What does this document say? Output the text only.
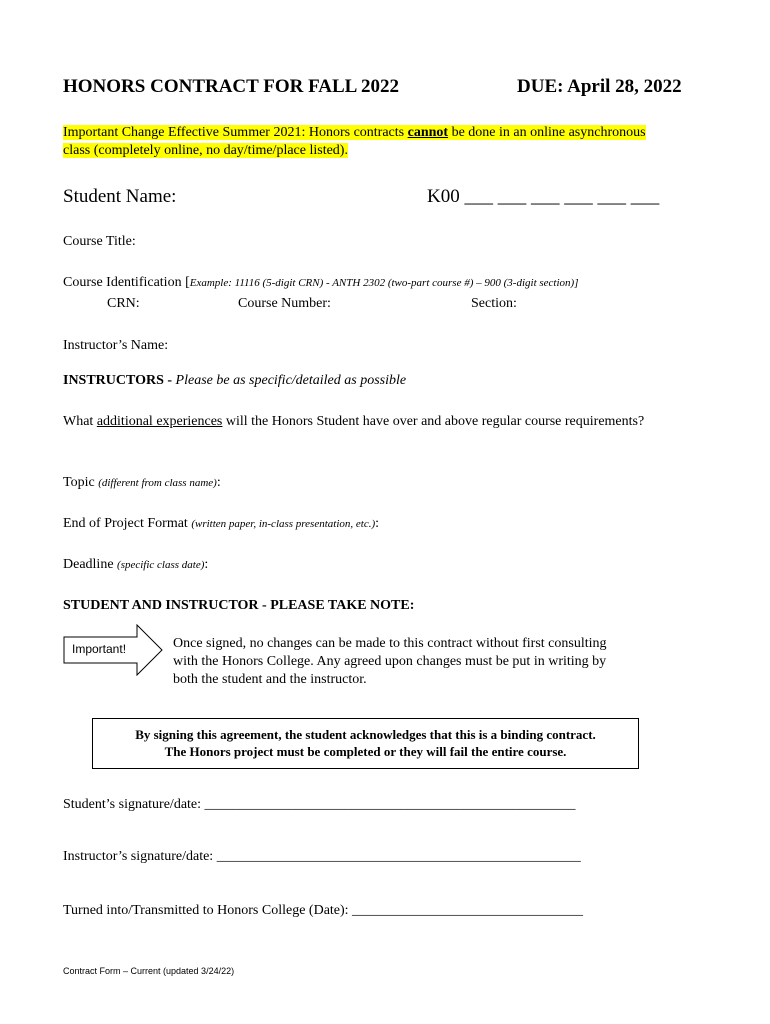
HONORS CONTRACT FOR FALL 2022	DUE: April 28, 2022
Important Change Effective Summer 2021: Honors contracts cannot be done in an online asynchronous
class (completely online, no day/time/place listed).
Student Name:	K00 ___ ___ ___ ___ ___ ___
Course Title:
Course Identification [Example: 11116 (5-digit CRN) - ANTH 2302 (two-part course #) – 900 (3-digit section)]
CRN:	Course Number:	Section:
Instructor’s Name:
INSTRUCTORS - Please be as specific/detailed as possible
What additional experiences will the Honors Student have over and above regular course requirements?
Topic (different from class name):
End of Project Format (written paper, in-class presentation, etc.):
Deadline (specific class date):
STUDENT AND INSTRUCTOR - PLEASE TAKE NOTE:
Important!	Once signed, no changes can be made to this contract without first consulting
with the Honors College. Any agreed upon changes must be put in writing by
both the student and the instructor.
By signing this agreement, the student acknowledges that this is a binding contract.
The Honors project must be completed or they will fail the entire course.
Student’s signature/date: _____________________________________________________
Instructor’s signature/date: ____________________________________________________
Turned into/Transmitted to Honors College (Date): _________________________________
Contract Form – Current (updated 3/24/22)
